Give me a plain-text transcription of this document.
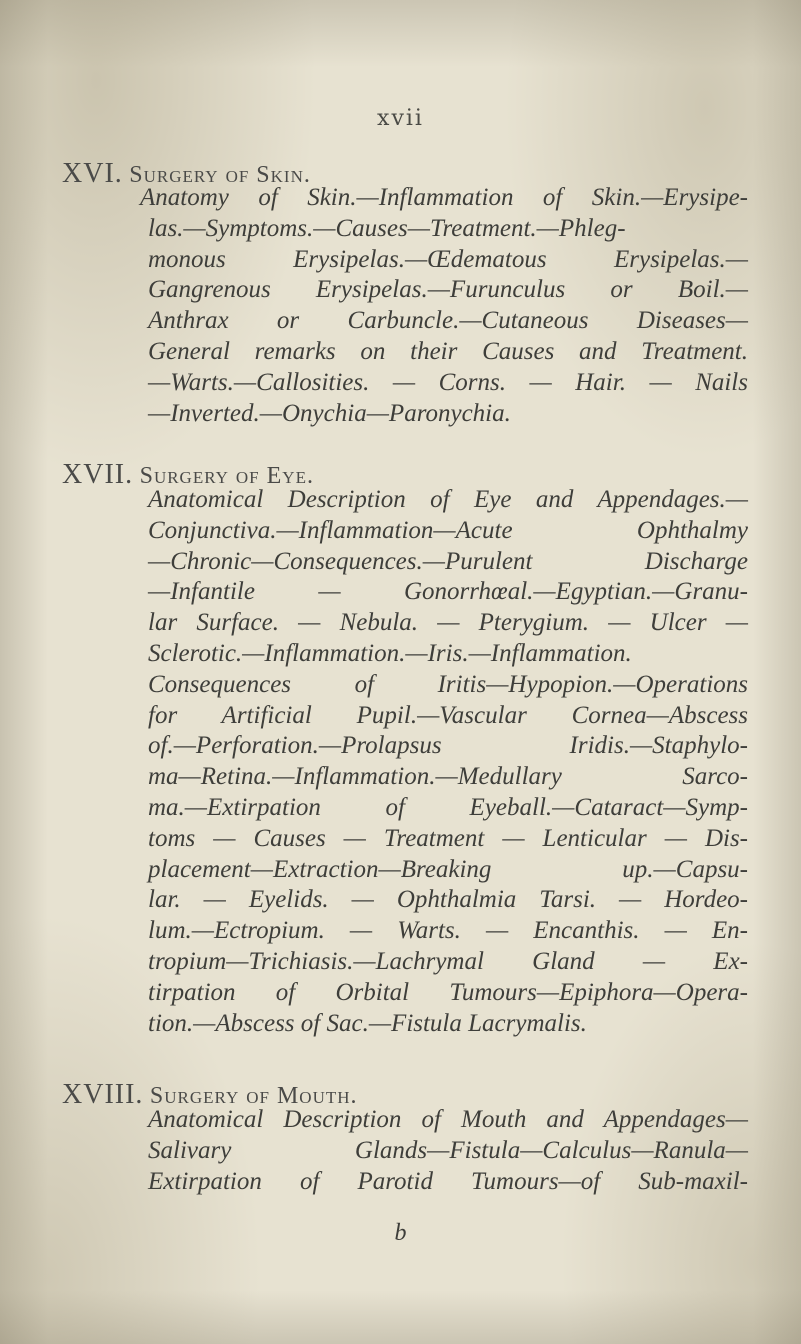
xvii
XVI. Surgery of Skin.
Anatomy of Skin.—Inflammation of Skin.—Erysipe-
las.—Symptoms.—Causes—Treatment.—Phleg-
monous Erysipelas.—Œdematous Erysipelas.—
Gangrenous Erysipelas.—Furunculus or Boil.—
Anthrax or Carbuncle.—Cutaneous Diseases—
General remarks on their Causes and Treatment.
—Warts.—Callosities. — Corns. — Hair. — Nails
—Inverted.—Onychia—Paronychia.
XVII. Surgery of Eye.
Anatomical Description of Eye and Appendages.—
Conjunctiva.—Inflammation—Acute Ophthalmy
—Chronic—Consequences.—Purulent Discharge
—Infantile — Gonorrhœal.—Egyptian.—Granu-
lar Surface. — Nebula. — Pterygium. — Ulcer —
Sclerotic.—Inflammation.—Iris.—Inflammation.
Consequences of Iritis—Hypopion.—Operations
for Artificial Pupil.—Vascular Cornea—Abscess
of.—Perforation.—Prolapsus Iridis.—Staphylo-
ma—Retina.—Inflammation.—Medullary Sarco-
ma.—Extirpation of Eyeball.—Cataract—Symp-
toms — Causes — Treatment — Lenticular — Dis-
placement—Extraction—Breaking up.—Capsu-
lar. — Eyelids. — Ophthalmia Tarsi. — Hordeo-
lum.—Ectropium. — Warts. — Encanthis. — En-
tropium—Trichiasis.—Lachrymal Gland — Ex-
tirpation of Orbital Tumours—Epiphora—Opera-
tion.—Abscess of Sac.—Fistula Lacrymalis.
XVIII. Surgery of Mouth.
Anatomical Description of Mouth and Appendages—
Salivary Glands—Fistula—Calculus—Ranula—
Extirpation of Parotid Tumours—of Sub-maxil-
b
